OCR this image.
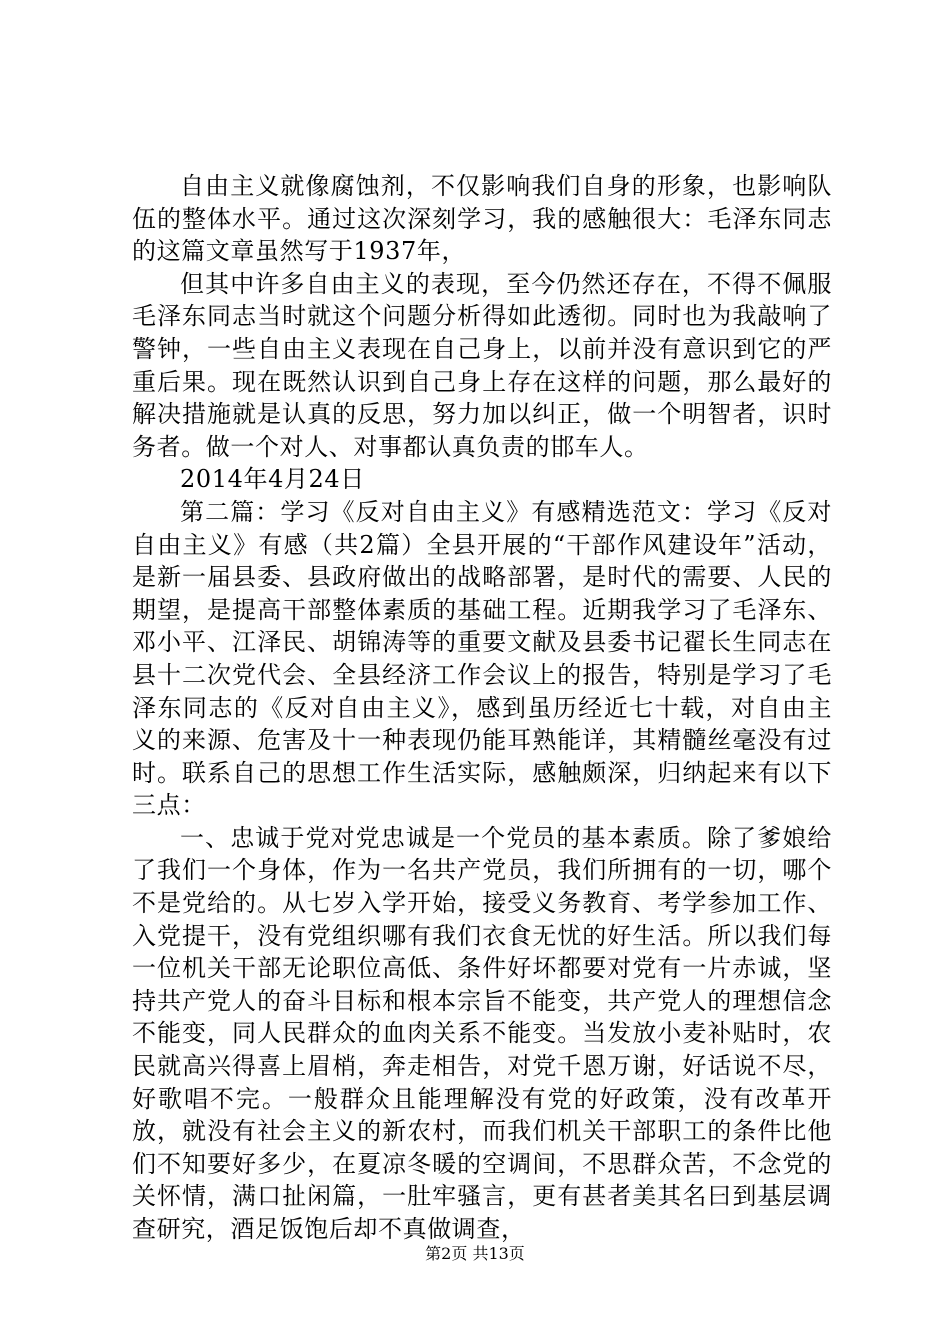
自由主义就像腐蚀剂，不仅影响我们自身的形象，也影响队伍的整体水平。通过这次深刻学习，我的感触很大：毛泽东同志的这篇文章虽然写于1937年，

但其中许多自由主义的表现，至今仍然还存在，不得不佩服毛泽东同志当时就这个问题分析得如此透彻。同时也为我敲响了警钟，一些自由主义表现在自己身上，以前并没有意识到它的严重后果。现在既然认识到自己身上存在这样的问题，那么最好的解决措施就是认真的反思，努力加以纠正，做一个明智者，识时务者。做一个对人、对事都认真负责的邯车人。

2014年4月24日

第二篇：学习《反对自由主义》有感精选范文：学习《反对自由主义》有感（共2篇）全县开展的“干部作风建设年”活动，是新一届县委、县政府做出的战略部署，是时代的需要、人民的期望，是提高干部整体素质的基础工程。近期我学习了毛泽东、邓小平、江泽民、胡锦涛等的重要文献及县委书记翟长生同志在县十二次党代会、全县经济工作会议上的报告，特别是学习了毛泽东同志的《反对自由主义》，感到虽历经近七十载，对自由主义的来源、危害及十一种表现仍能耳熟能详，其精髓丝毫没有过时。联系自己的思想工作生活实际，感触颇深，归纳起来有以下三点：

一、忠诚于党对党忠诚是一个党员的基本素质。除了爹娘给了我们一个身体，作为一名共产党员，我们所拥有的一切，哪个不是党给的。从七岁入学开始，接受义务教育、考学参加工作、入党提干，没有党组织哪有我们衣食无忧的好生活。所以我们每一位机关干部无论职位高低、条件好坏都要对党有一片赤诚，坚持共产党人的奋斗目标和根本宗旨不能变，共产党人的理想信念不能变，同人民群众的血肉关系不能变。当发放小麦补贴时，农民就高兴得喜上眉梢，奔走相告，对党千恩万谢，好话说不尽，好歌唱不完。一般群众且能理解没有党的好政策，没有改革开放，就没有社会主义的新农村，而我们机关干部职工的条件比他们不知要好多少，在夏凉冬暖的空调间，不思群众苦，不念党的关怀情，满口扯闲篇，一肚牢骚言，更有甚者美其名曰到基层调查研究，酒足饭饱后却不真做调查，

第2页 共13页
